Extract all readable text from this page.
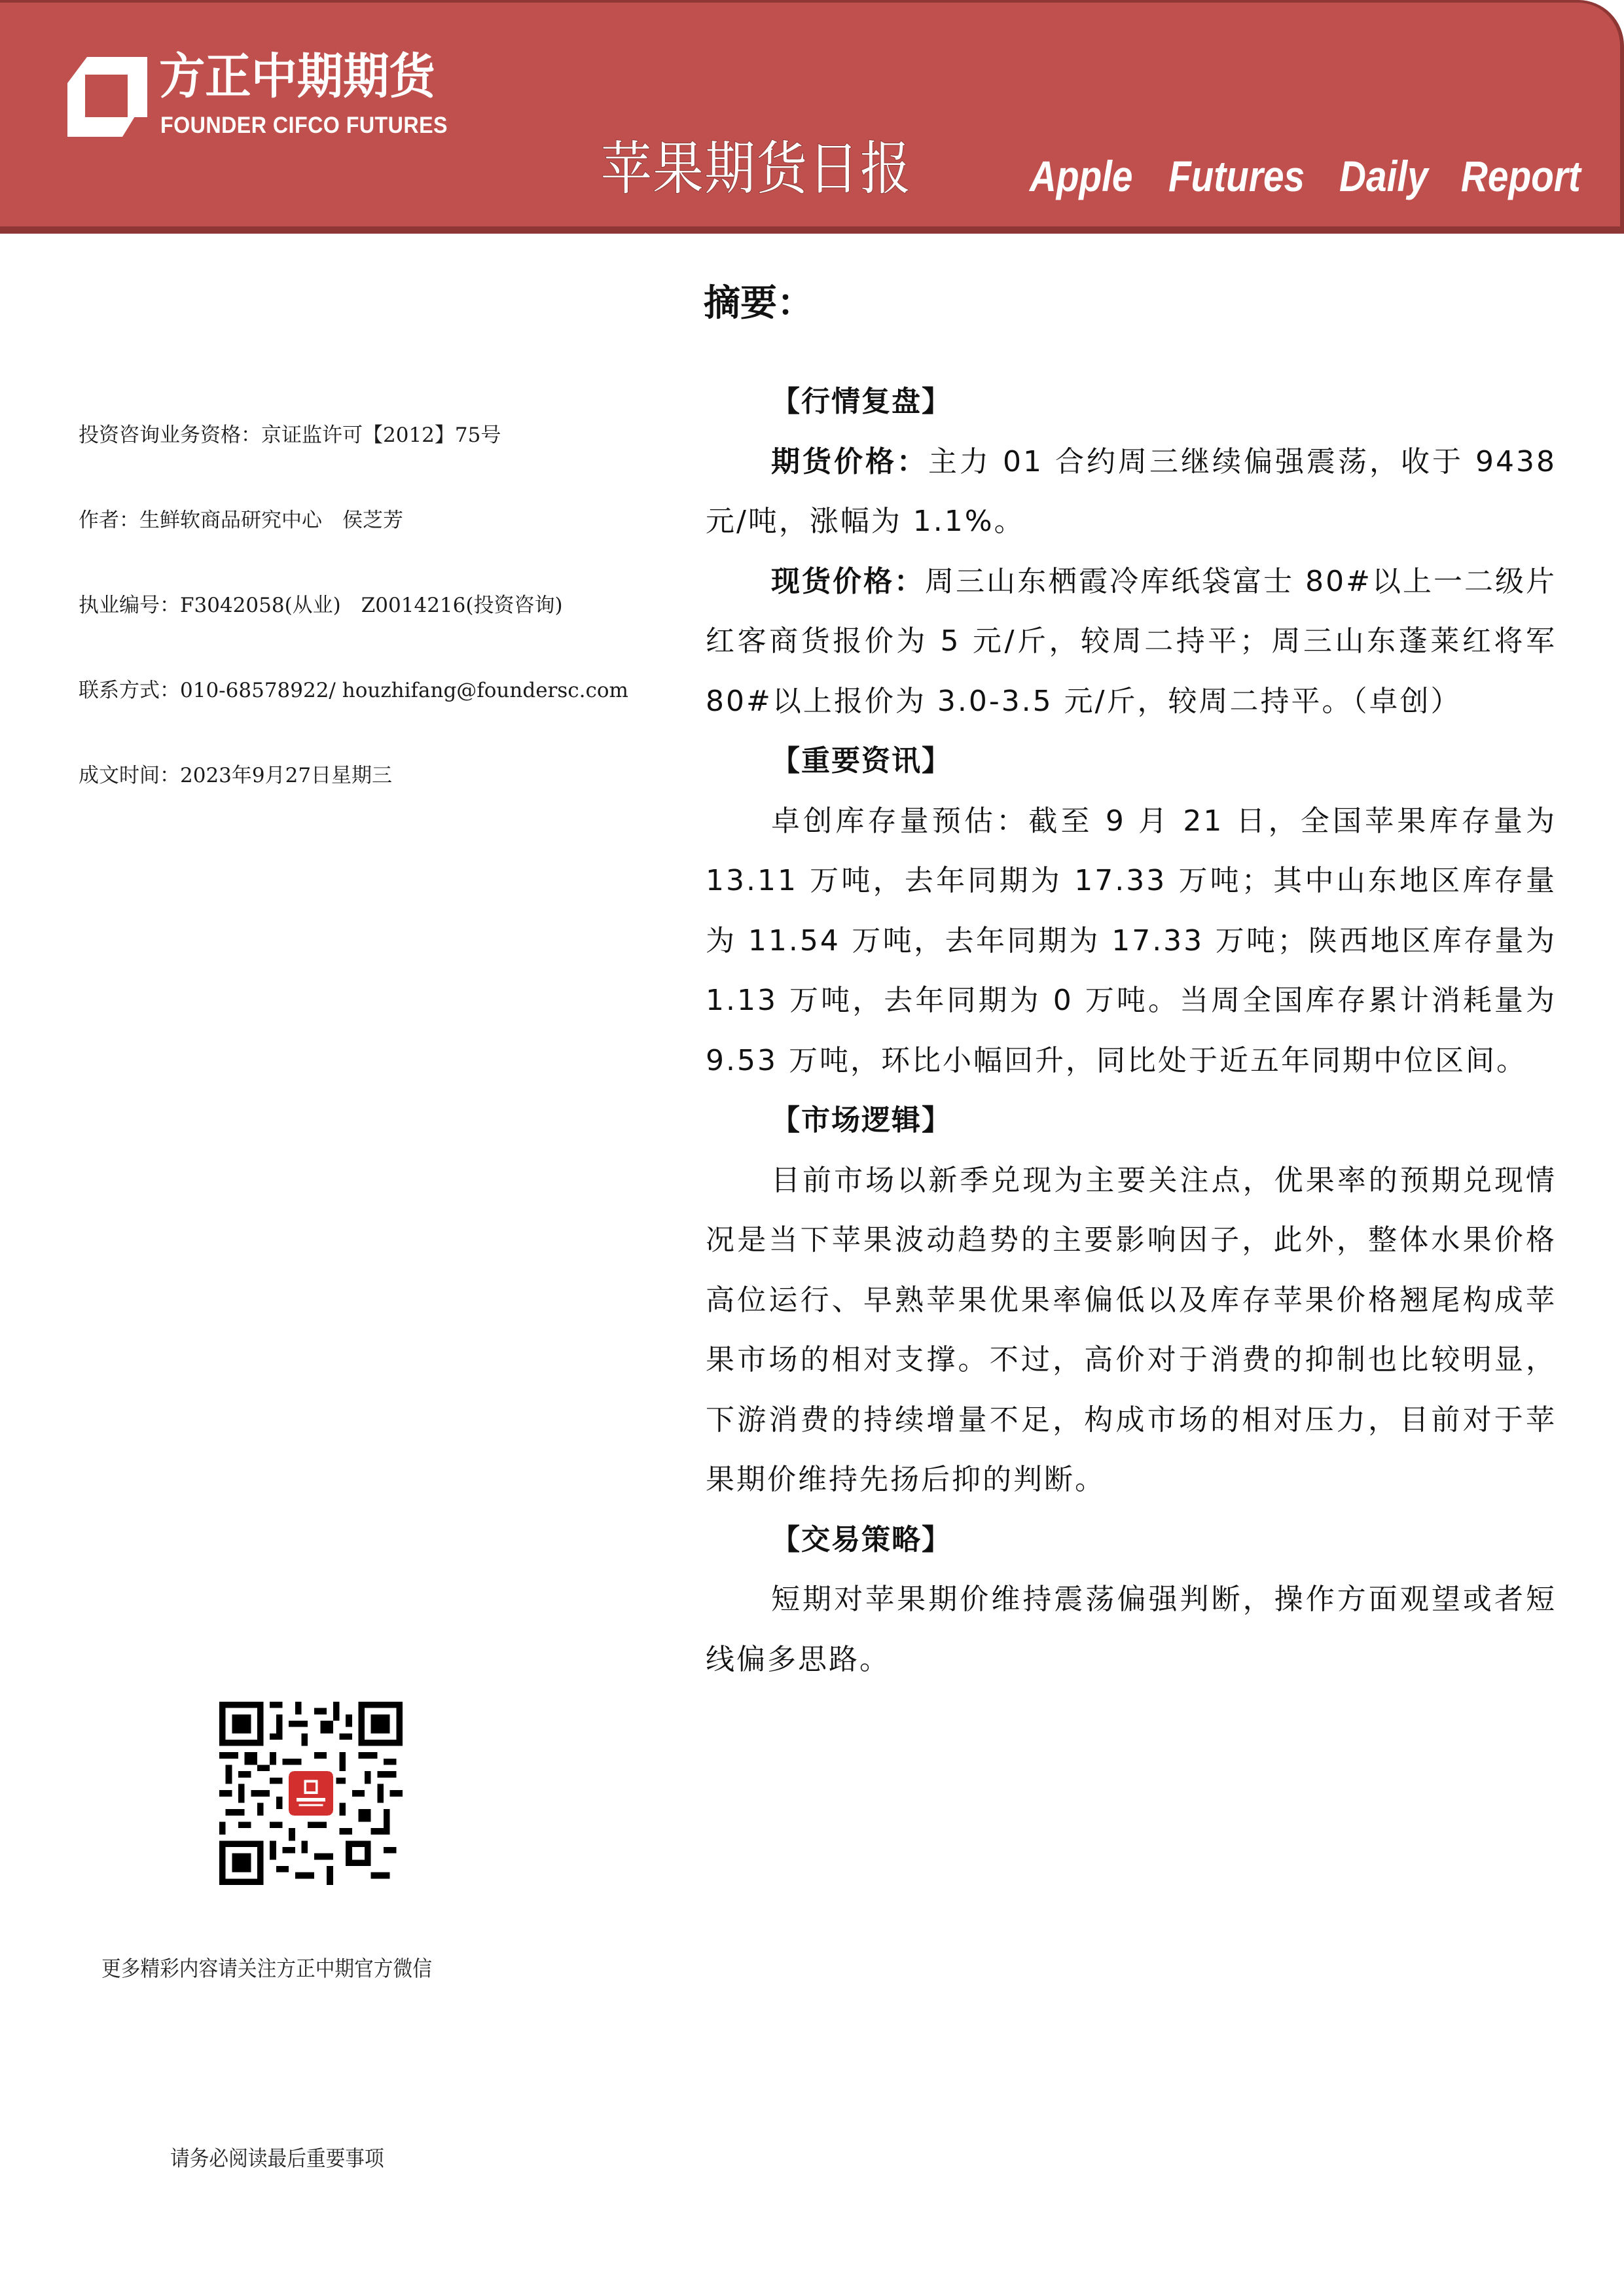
方正中期期货
FOUNDER CIFCO FUTURES
苹果期货日报	Apple Futures Daily Report
投资咨询业务资格：京证监许可【2012】75号
作者：生鲜软商品研究中心　侯芝芳
执业编号：F3042058(从业)　Z0014216(投资咨询)
联系方式：010-68578922/ houzhifang@foundersc.com
成文时间：2023年9月27日星期三
更多精彩内容请关注方正中期官方微信
请务必阅读最后重要事项
摘要：

【行情复盘】

期货价格：主力 01 合约周三继续偏强震荡，收于 9438 元/吨，涨幅为 1.1%。

现货价格：周三山东栖霞冷库纸袋富士 80#以上一二级片红客商货报价为 5 元/斤，较周二持平；周三山东蓬莱红将军 80#以上报价为 3.0-3.5 元/斤，较周二持平。（卓创）

【重要资讯】

卓创库存量预估：截至 9 月 21 日，全国苹果库存量为 13.11 万吨，去年同期为 17.33 万吨；其中山东地区库存量为 11.54 万吨，去年同期为 17.33 万吨；陕西地区库存量为 1.13 万吨，去年同期为 0 万吨。当周全国库存累计消耗量为 9.53 万吨，环比小幅回升，同比处于近五年同期中位区间。

【市场逻辑】

目前市场以新季兑现为主要关注点，优果率的预期兑现情况是当下苹果波动趋势的主要影响因子，此外，整体水果价格高位运行、早熟苹果优果率偏低以及库存苹果价格翘尾构成苹果市场的相对支撑。不过，高价对于消费的抑制也比较明显，下游消费的持续增量不足，构成市场的相对压力，目前对于苹果期价维持先扬后抑的判断。

【交易策略】

短期对苹果期价维持震荡偏强判断，操作方面观望或者短线偏多思路。
